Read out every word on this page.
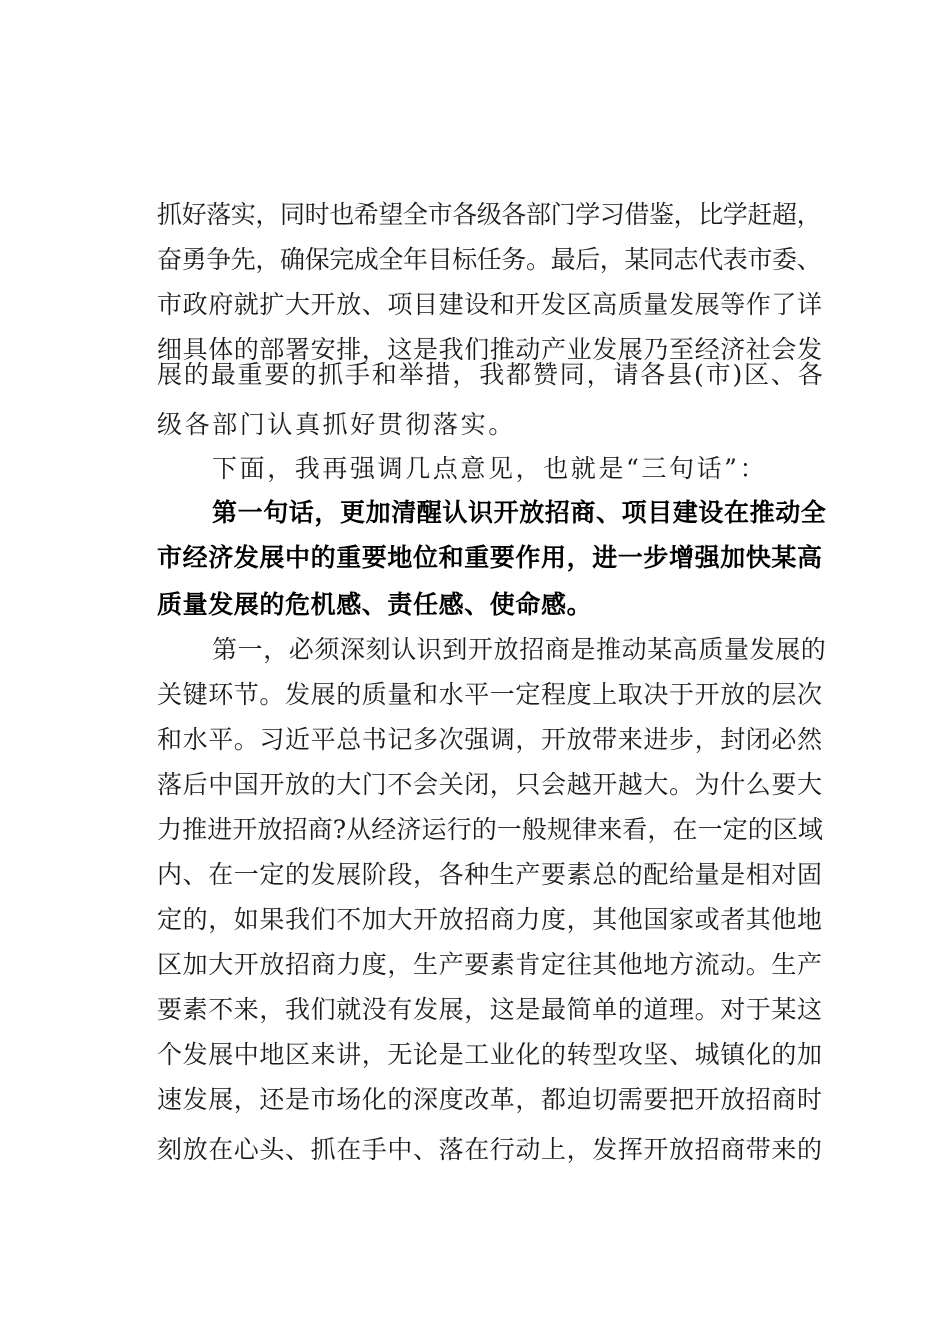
抓好落实，同时也希望全市各级各部门学习借鉴，比学赶超，
奋勇争先，确保完成全年目标任务。最后，某同志代表市委、
市政府就扩大开放、项目建设和开发区高质量发展等作了详
细具体的部署安排，这是我们推动产业发展乃至经济社会发
展的最重要的抓手和举措，我都赞同，请各县(市)区、各
级各部门认真抓好贯彻落实。
下面，我再强调几点意见，也就是“三句话”：
第一句话，更加清醒认识开放招商、项目建设在推动全
市经济发展中的重要地位和重要作用，进一步增强加快某高
质量发展的危机感、责任感、使命感。
第一，必须深刻认识到开放招商是推动某高质量发展的
关键环节。发展的质量和水平一定程度上取决于开放的层次
和水平。习近平总书记多次强调，开放带来进步，封闭必然
落后中国开放的大门不会关闭，只会越开越大。为什么要大
力推进开放招商?从经济运行的一般规律来看，在一定的区域
内、在一定的发展阶段，各种生产要素总的配给量是相对固
定的，如果我们不加大开放招商力度，其他国家或者其他地
区加大开放招商力度，生产要素肯定往其他地方流动。生产
要素不来，我们就没有发展，这是最简单的道理。对于某这
个发展中地区来讲，无论是工业化的转型攻坚、城镇化的加
速发展，还是市场化的深度改革，都迫切需要把开放招商时
刻放在心头、抓在手中、落在行动上，发挥开放招商带来的
